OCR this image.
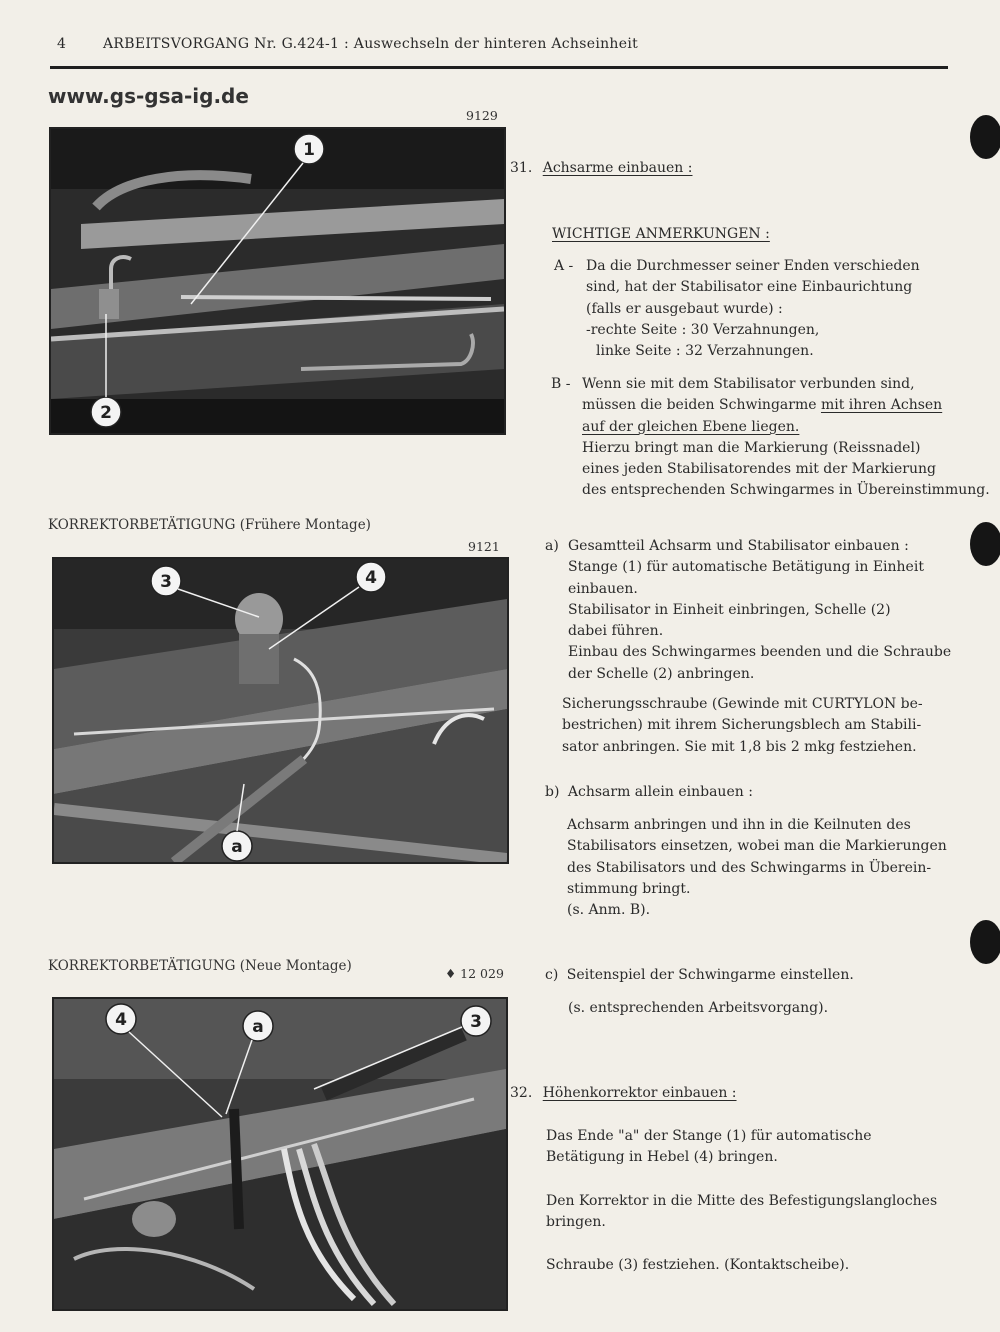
4	ARBEITSVORGANG Nr. G.424-1 : Auswechseln der hinteren Achseinheit
www.gs-gsa-ig.de
9129
1
2
KORREKTORBETÄTIGUNG (Frühere Montage)
9121
3	4
a
KORREKTORBETÄTIGUNG (Neue Montage)	♦ 12 029
4	a	3
31. Achsarme einbauen :
WICHTIGE ANMERKUNGEN :
A - Da die Durchmesser seiner Enden verschieden
sind, hat der Stabilisator eine Einbaurichtung
(falls er ausgebaut wurde) :
-rechte Seite : 30 Verzahnungen,
linke Seite : 32 Verzahnungen.
B - Wenn sie mit dem Stabilisator verbunden sind,
müssen die beiden Schwingarme mit ihren Achsen
auf der gleichen Ebene liegen.
Hierzu bringt man die Markierung (Reissnadel)
eines jeden Stabilisatorendes mit der Markierung
des entsprechenden Schwingarmes in Übereinstimmung.
a) Gesamtteil Achsarm und Stabilisator einbauen :
Stange (1) für automatische Betätigung in Einheit
einbauen.
Stabilisator in Einheit einbringen, Schelle (2)
dabei führen.
Einbau des Schwingarmes beenden und die Schraube
der Schelle (2) anbringen.
Sicherungsschraube (Gewinde mit CURTYLON be-
bestrichen) mit ihrem Sicherungsblech am Stabili-
sator anbringen. Sie mit 1,8 bis 2 mkg festziehen.
b) Achsarm allein einbauen :
Achsarm anbringen und ihn in die Keilnuten des
Stabilisators einsetzen, wobei man die Markierungen
des Stabilisators und des Schwingarms in Überein-
stimmung bringt.
(s. Anm. B).
c) Seitenspiel der Schwingarme einstellen.
(s. entsprechenden Arbeitsvorgang).
32. Höhenkorrektor einbauen :
Das Ende "a" der Stange (1) für automatische
Betätigung in Hebel (4) bringen.
Den Korrektor in die Mitte des Befestigungslangloches
bringen.
Schraube (3) festziehen. (Kontaktscheibe).
